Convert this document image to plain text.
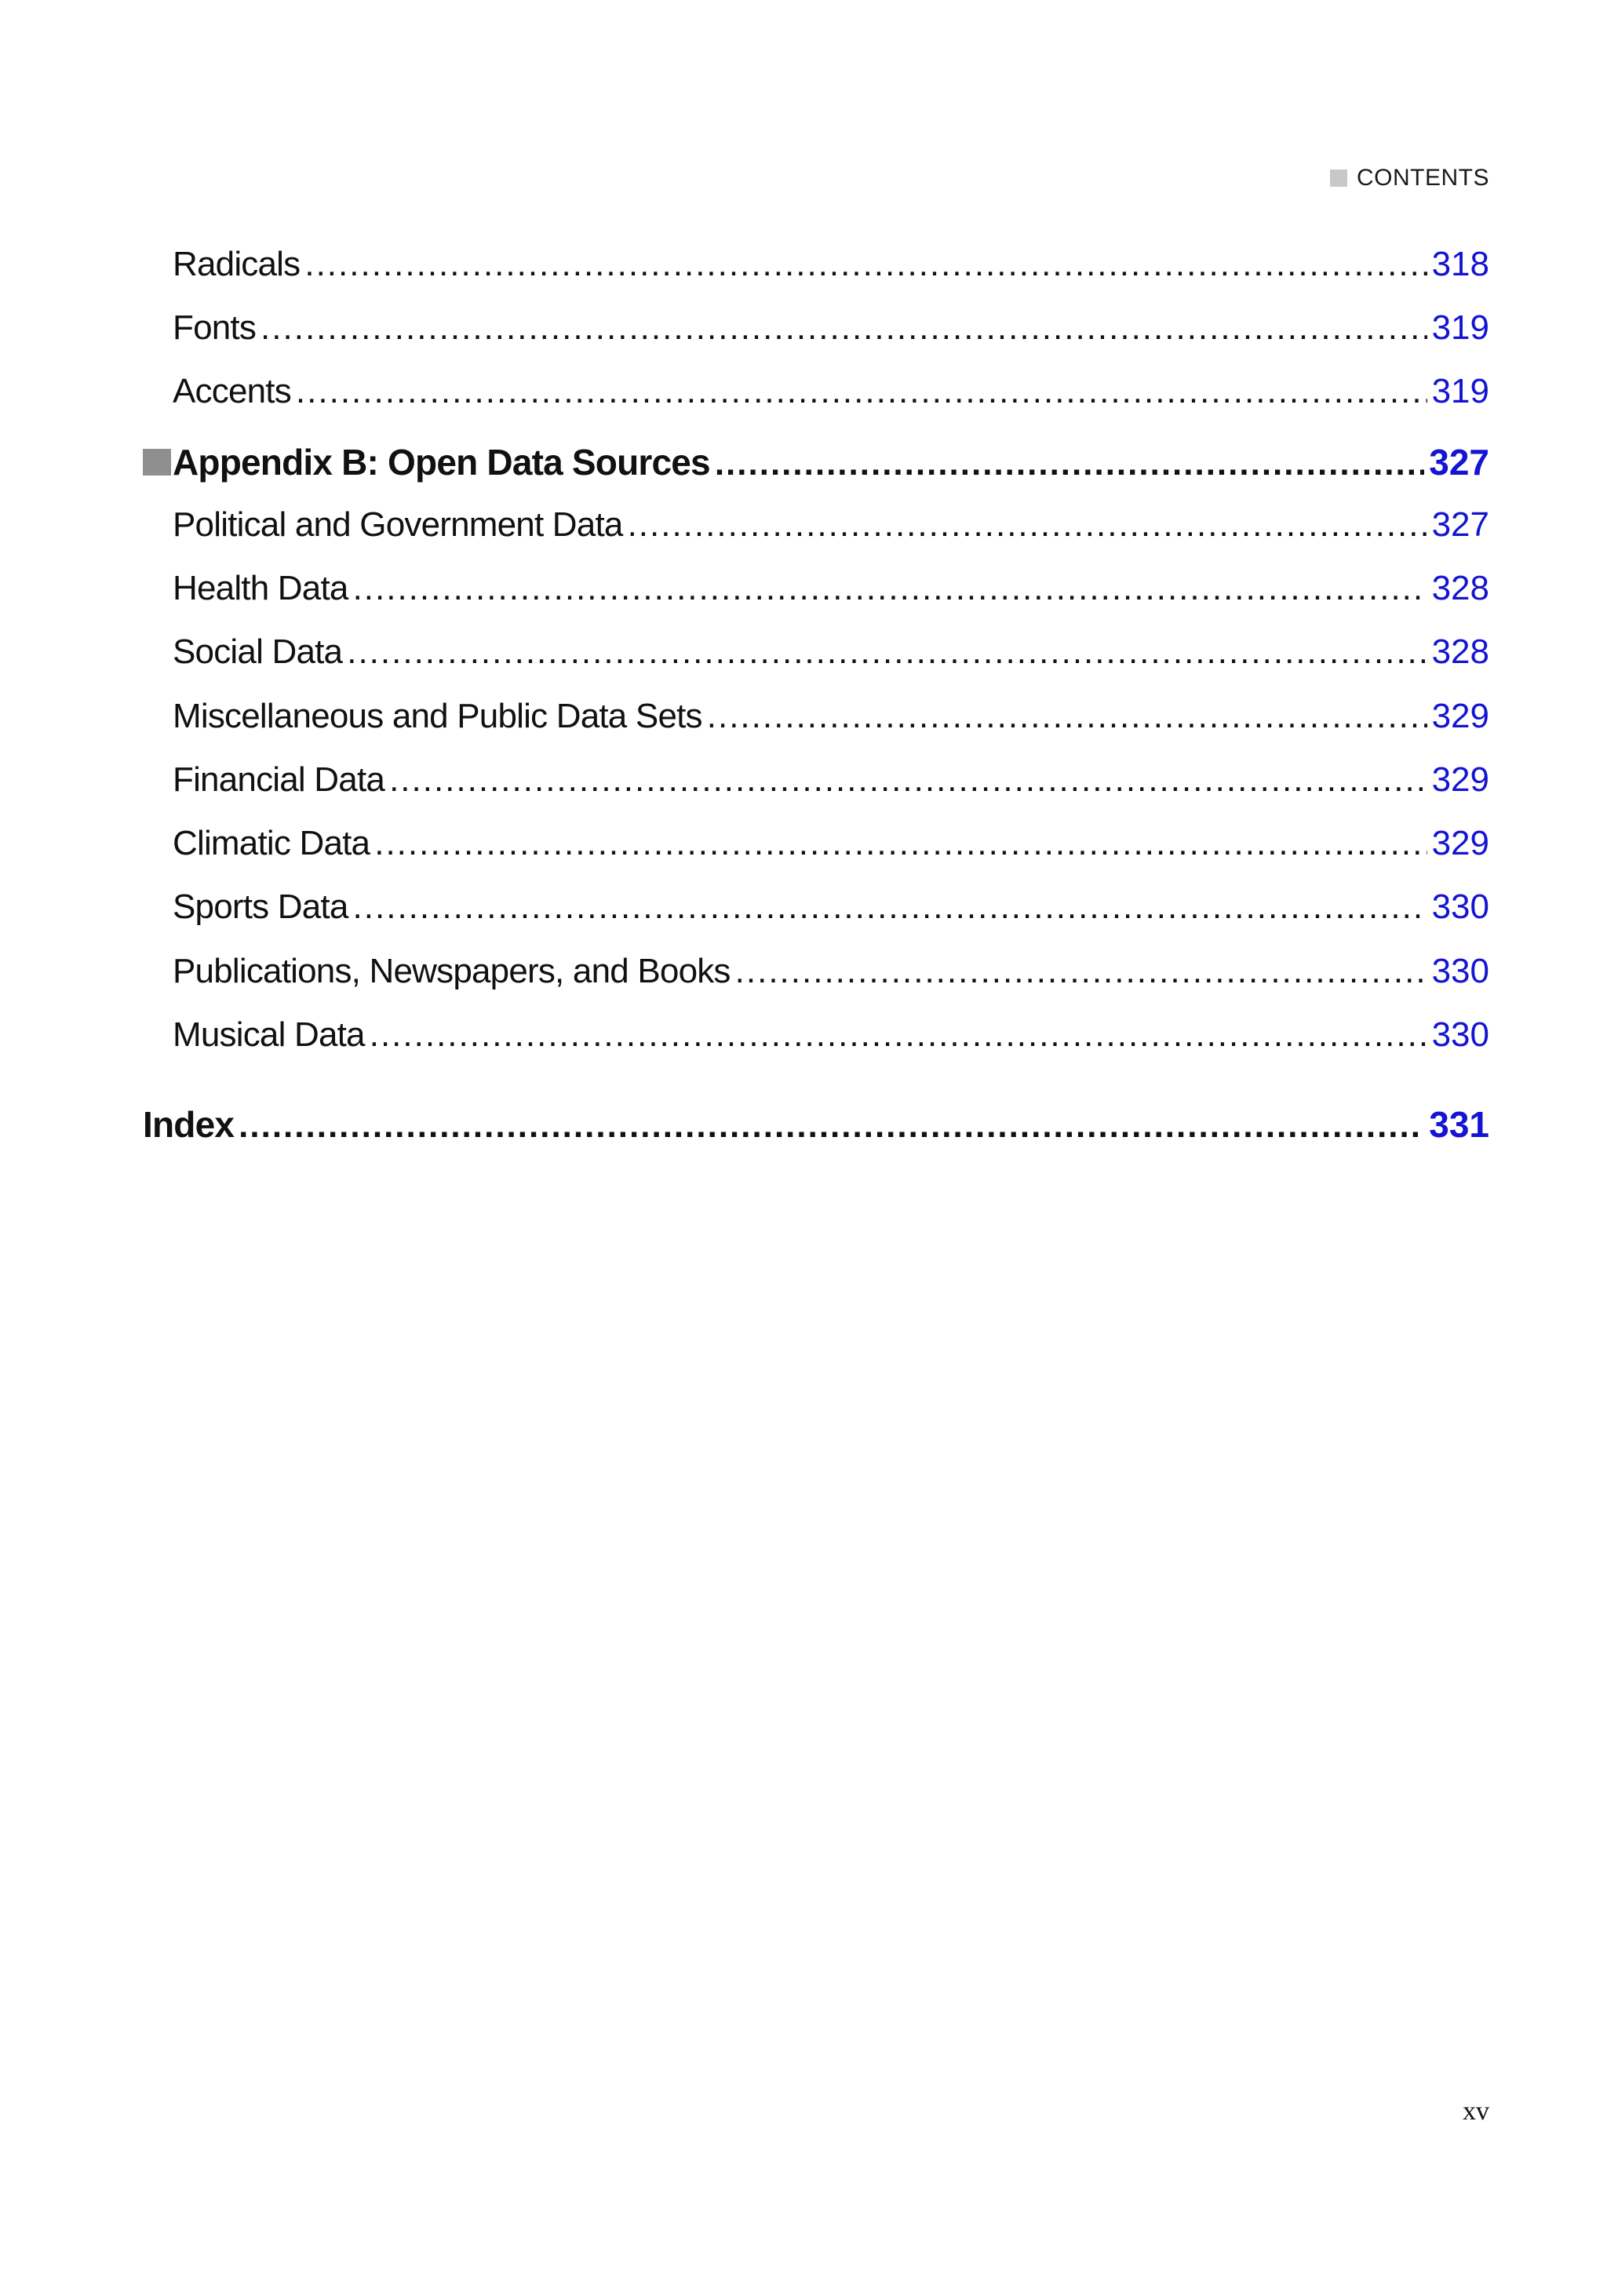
CONTENTS
Radicals .....	318
Fonts .....	319
Accents .....	319
Appendix B: Open Data Sources .....	327
Political and Government Data .....	327
Health Data .....	328
Social Data .....	328
Miscellaneous and Public Data Sets .....	329
Financial Data .....	329
Climatic Data .....	329
Sports Data .....	330
Publications, Newspapers, and Books .....	330
Musical Data .....	330
Index .....	331
xv
